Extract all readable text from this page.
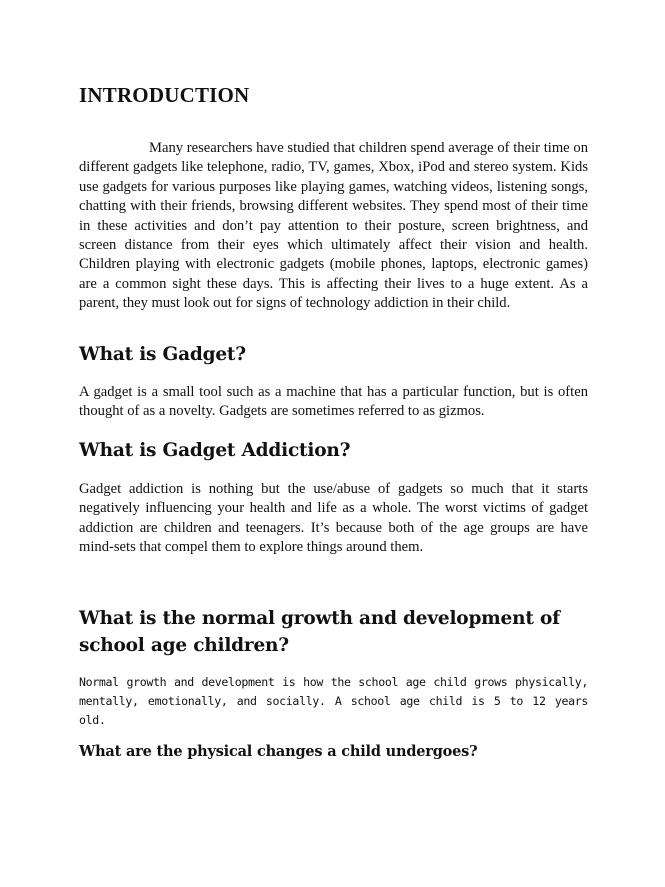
INTRODUCTION

Many researchers have studied that children spend average of their time on different gadgets like telephone, radio, TV, games, Xbox, iPod and stereo system. Kids use gadgets for various purposes like playing games, watching videos, listening songs, chatting with their friends, browsing different websites. They spend most of their time in these activities and don’t pay attention to their posture, screen brightness, and screen distance from their eyes which ultimately affect their vision and health. Children playing with electronic gadgets (mobile phones, laptops, electronic games) are a common sight these days. This is affecting their lives to a huge extent. As a parent, they must look out for signs of technology addiction in their child.

What is Gadget?

A gadget is a small tool such as a machine that has a particular function, but is often thought of as a novelty. Gadgets are sometimes referred to as gizmos.

What is Gadget Addiction?

Gadget addiction is nothing but the use/abuse of gadgets so much that it starts negatively influencing your health and life as a whole. The worst victims of gadget addiction are children and teenagers. It’s because both of the age groups are have mind-sets that compel them to explore things around them.

What is the normal growth and development of school age children?

Normal growth and development is how the school age child grows physically, mentally, emotionally, and socially. A school age child is 5 to 12 years old.

What are the physical changes a child undergoes?
